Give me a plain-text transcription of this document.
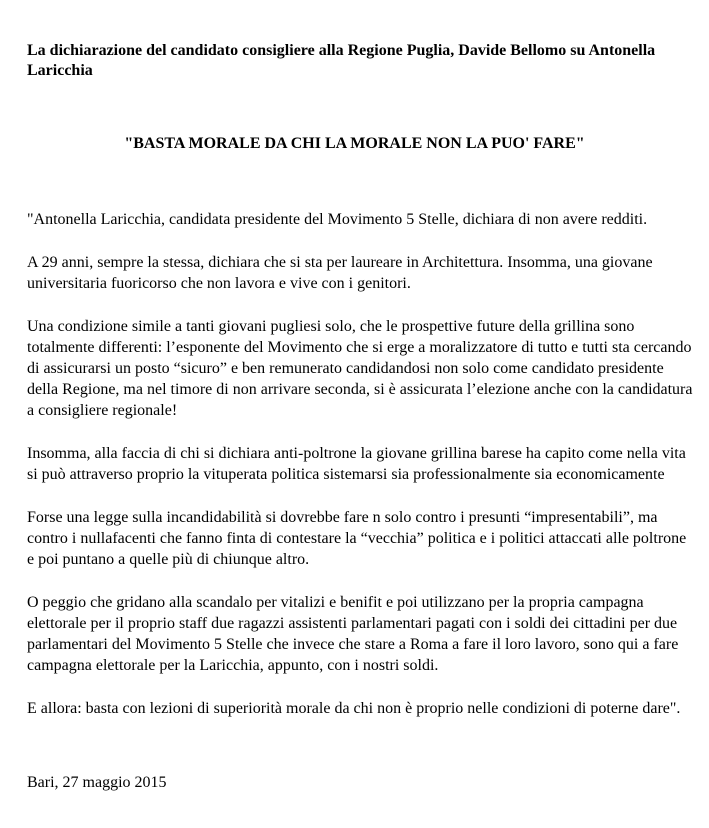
La dichiarazione del candidato consigliere alla Regione Puglia, Davide Bellomo su Antonella Laricchia
"BASTA MORALE DA CHI LA MORALE NON LA PUO' FARE"

"Antonella Laricchia, candidata presidente del Movimento 5 Stelle, dichiara di non avere redditi.

A 29 anni, sempre la stessa, dichiara che si sta per laureare in Architettura. Insomma, una giovane universitaria fuoricorso che non lavora e vive con i genitori.

Una condizione simile a tanti giovani pugliesi solo, che le prospettive future della grillina sono totalmente differenti: l’esponente del Movimento che si erge a moralizzatore di tutto e tutti sta cercando di assicurarsi un posto “sicuro” e ben remunerato candidandosi non solo come candidato presidente della Regione, ma nel timore di non arrivare seconda, si è assicurata l’elezione anche con la candidatura a consigliere regionale!

Insomma, alla faccia di chi si dichiara anti-poltrone la giovane grillina barese ha capito come nella vita si può attraverso proprio la vituperata politica sistemarsi sia professionalmente sia economicamente

Forse una legge sulla incandidabilità si dovrebbe fare n solo contro i presunti “impresentabili”, ma contro i nullafacenti che fanno finta di contestare la “vecchia” politica e i politici attaccati alle poltrone e poi puntano a quelle più di chiunque altro.

O peggio che gridano alla scandalo per vitalizi e benifit e poi utilizzano per la propria campagna elettorale per il proprio staff due ragazzi assistenti parlamentari pagati con i soldi dei cittadini per due parlamentari del Movimento 5 Stelle che invece che stare a Roma a fare il loro lavoro, sono qui a fare campagna elettorale per la Laricchia, appunto, con i nostri soldi.

E allora: basta con lezioni di superiorità morale da chi non è proprio nelle condizioni di poterne dare".

Bari, 27 maggio 2015
